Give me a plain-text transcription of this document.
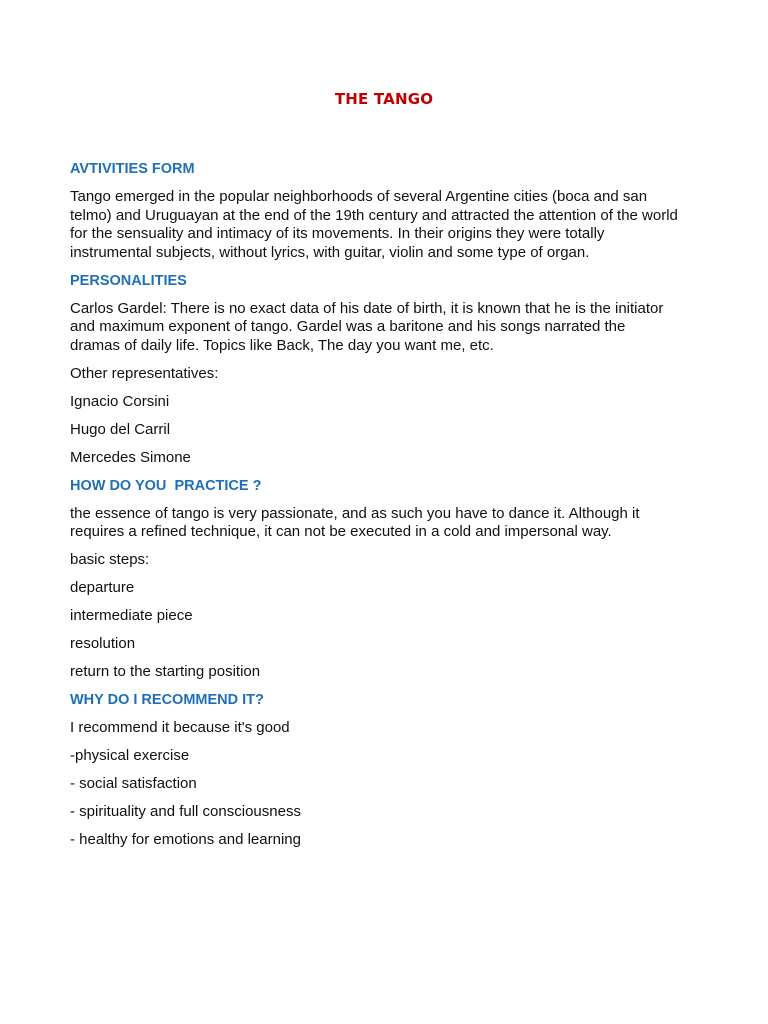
THE TANGO
AVTIVITIES FORM
Tango emerged in the popular neighborhoods of several Argentine cities (boca and san
telmo) and Uruguayan at the end of the 19th century and attracted the attention of the world
for the sensuality and intimacy of its movements. In their origins they were totally
instrumental subjects, without lyrics, with guitar, violin and some type of organ.
PERSONALITIES
Carlos Gardel: There is no exact data of his date of birth, it is known that he is the initiator
and maximum exponent of tango. Gardel was a baritone and his songs narrated the
dramas of daily life. Topics like Back, The day you want me, etc.
Other representatives:
Ignacio Corsini
Hugo del Carril
Mercedes Simone
HOW DO YOU  PRACTICE ?
the essence of tango is very passionate, and as such you have to dance it. Although it
requires a refined technique, it can not be executed in a cold and impersonal way.
basic steps:
departure
intermediate piece
resolution
return to the starting position
WHY DO I RECOMMEND IT?
I recommend it because it's good
-physical exercise
- social satisfaction
- spirituality and full consciousness
- healthy for emotions and learning
